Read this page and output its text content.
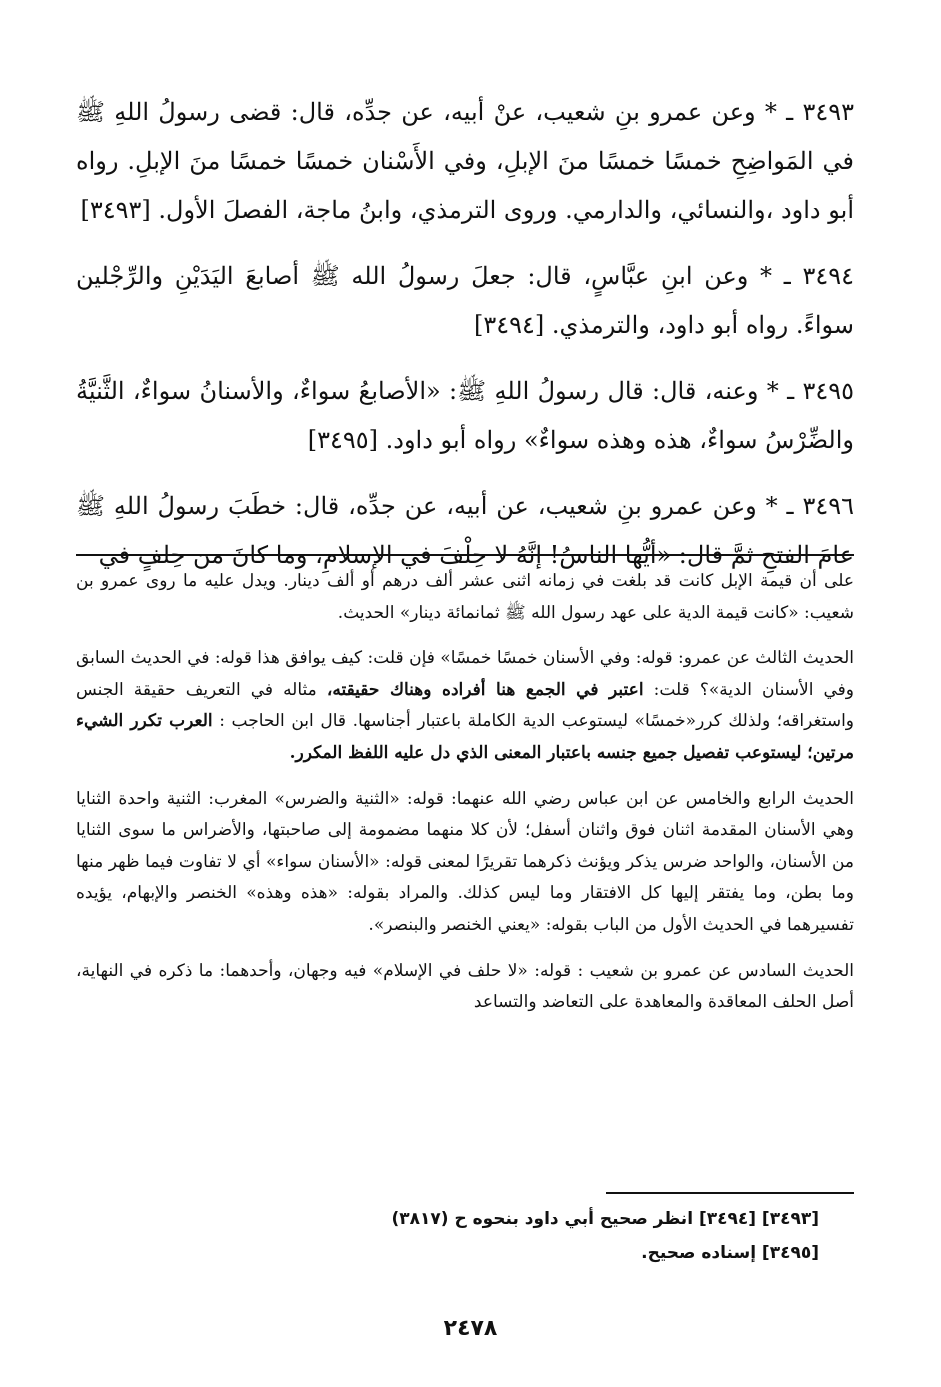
٣٤٩٣ ـ * وعن عمرو بنِ شعيب، عنْ أبيه، عن جدِّه، قال: قضى رسولُ اللهِ ﷺ في المَواضِحِ خمسًا خمسًا منَ الإبلِ، وفي الأَسْنان خمسًا خمسًا منَ الإبلِ. رواه أبو داود ،والنسائي، والدارمي. وروى الترمذي، وابنُ ماجة، الفصلَ الأول. [٣٤٩٣]

٣٤٩٤ ـ * وعن ابنِ عبَّاسٍ، قال: جعلَ رسولُ الله ﷺ أصابعَ اليَدَيْنِ والرِّجْلين سواءً. رواه أبو داود، والترمذي. [٣٤٩٤]

٣٤٩٥ ـ * وعنه، قال: قال رسولُ اللهِ ﷺ: «الأصابعُ سواءٌ، والأسنانُ سواءٌ، الثَّنيَّةُ والضِّرْسُ سواءٌ، هذه وهذه سواءٌ» رواه أبو داود. [٣٤٩٥]

٣٤٩٦ ـ * وعن عمرو بنِ شعيب، عن أبيه، عن جدِّه، قال: خطَبَ رسولُ اللهِ ﷺ عامَ الفتحِ ثمَّ قال: «أيُّها الناسُ! إنَّهُ لا حِلْفَ في الإسلامِ، وما كانَ من حِلفٍ في

على أن قيمة الإبل كانت قد بلغت في زمانه اثنى عشر ألف درهم أو ألف دينار. ويدل عليه ما روى عمرو بن شعيب: «كانت قيمة الدية على عهد رسول الله ﷺ ثمانمائة دينار» الحديث.

الحديث الثالث عن عمرو: قوله: وفي الأسنان خمسًا خمسًا» فإن قلت: كيف يوافق هذا قوله: في الحديث السابق وفي الأسنان الدية»؟ قلت: اعتبر في الجمع هنا أفراده وهناك حقيقته، مثاله في التعريف حقيقة الجنس واستغراقه؛ ولذلك كرر«خمسًا» ليستوعب الدية الكاملة باعتبار أجناسها. قال ابن الحاجب : العرب تكرر الشيء مرتين؛ ليستوعب تفصيل جميع جنسه باعتبار المعنى الذي دل عليه اللفظ المكرر.

الحديث الرابع والخامس عن ابن عباس رضي الله عنهما: قوله: «الثنية والضرس» المغرب: الثنية واحدة الثنايا وهي الأسنان المقدمة اثنان فوق واثنان أسفل؛ لأن كلا منهما مضمومة إلى صاحبتها، والأضراس ما سوى الثنايا من الأسنان، والواحد ضرس يذكر ويؤنث ذكرهما تقريرًا لمعنى قوله: «الأسنان سواء» أي لا تفاوت فيما ظهر منها وما بطن، وما يفتقر إليها كل الافتقار وما ليس كذلك. والمراد بقوله: «هذه وهذه» الخنصر والإبهام، يؤيده تفسيرهما في الحديث الأول من الباب بقوله: «يعني الخنصر والبنصر».

الحديث السادس عن عمرو بن شعيب : قوله: «لا حلف في الإسلام» فيه وجهان، وأحدهما: ما ذكره في النهاية، أصل الحلف المعاقدة والمعاهدة على التعاضد والتساعد

[٣٤٩٣] [٣٤٩٤] انظر صحيح أبي داود بنحوه ح (٣٨١٧)
[٣٤٩٥] إسناده صحيح.
٢٤٧٨
